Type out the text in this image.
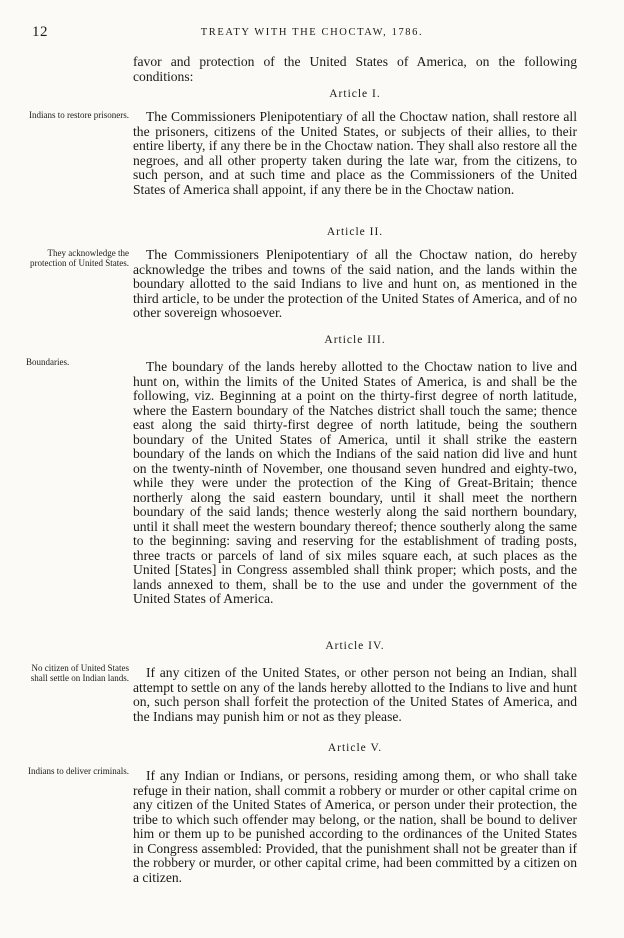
12	TREATY WITH THE CHOCTAW, 1786.

favor and protection of the United States of America, on the following conditions:

Article I.
Indians to restore prisoners.	The Commissioners Plenipotentiary of all the Choctaw nation, shall restore all the prisoners, citizens of the United States, or subjects of their allies, to their entire liberty, if any there be in the Choctaw nation. They shall also restore all the negroes, and all other property taken during the late war, from the citizens, to such person, and at such time and place as the Commissioners of the United States of America shall appoint, if any there be in the Choctaw nation.

Article II.
They acknowledge the protection of United States.

The Commissioners Plenipotentiary of all the Choctaw nation, do hereby acknowledge the tribes and towns of the said nation, and the lands within the boundary allotted to the said Indians to live and hunt on, as mentioned in the third article, to be under the protection of the United States of America, and of no other sovereign whosoever.

Article III.
Boundaries.	The boundary of the lands hereby allotted to the Choctaw nation to live and hunt on, within the limits of the United States of America, is and shall be the following, viz. Beginning at a point on the thirty-first degree of north latitude, where the Eastern boundary of the Natches district shall touch the same; thence east along the said thirty-first degree of north latitude, being the southern boundary of the United States of America, until it shall strike the eastern boundary of the lands on which the Indians of the said nation did live and hunt on the twenty-ninth of November, one thousand seven hundred and eighty-two, while they were under the protection of the King of Great-Britain; thence northerly along the said eastern boundary, until it shall meet the northern boundary of the said lands; thence westerly along the said northern boundary, until it shall meet the western boundary thereof; thence southerly along the same to the beginning: saving and reserving for the establishment of trading posts, three tracts or parcels of land of six miles square each, at such places as the United [States] in Congress assembled shall think proper; which posts, and the lands annexed to them, shall be to the use and under the government of the United States of America.

Article IV.
No citizen of United States shall settle on Indian lands.	If any citizen of the United States, or other person not being an Indian, shall attempt to settle on any of the lands hereby allotted to the Indians to live and hunt on, such person shall forfeit the protection of the United States of America, and the Indians may punish him or not as they please.

Article V.
Indians to deliver criminals.	If any Indian or Indians, or persons, residing among them, or who shall take refuge in their nation, shall commit a robbery or murder or other capital crime on any citizen of the United States of America, or person under their protection, the tribe to which such offender may belong, or the nation, shall be bound to deliver him or them up to be punished according to the ordinances of the United States in Congress assembled: Provided, that the punishment shall not be greater than if the robbery or murder, or other capital crime, had been committed by a citizen on a citizen.
